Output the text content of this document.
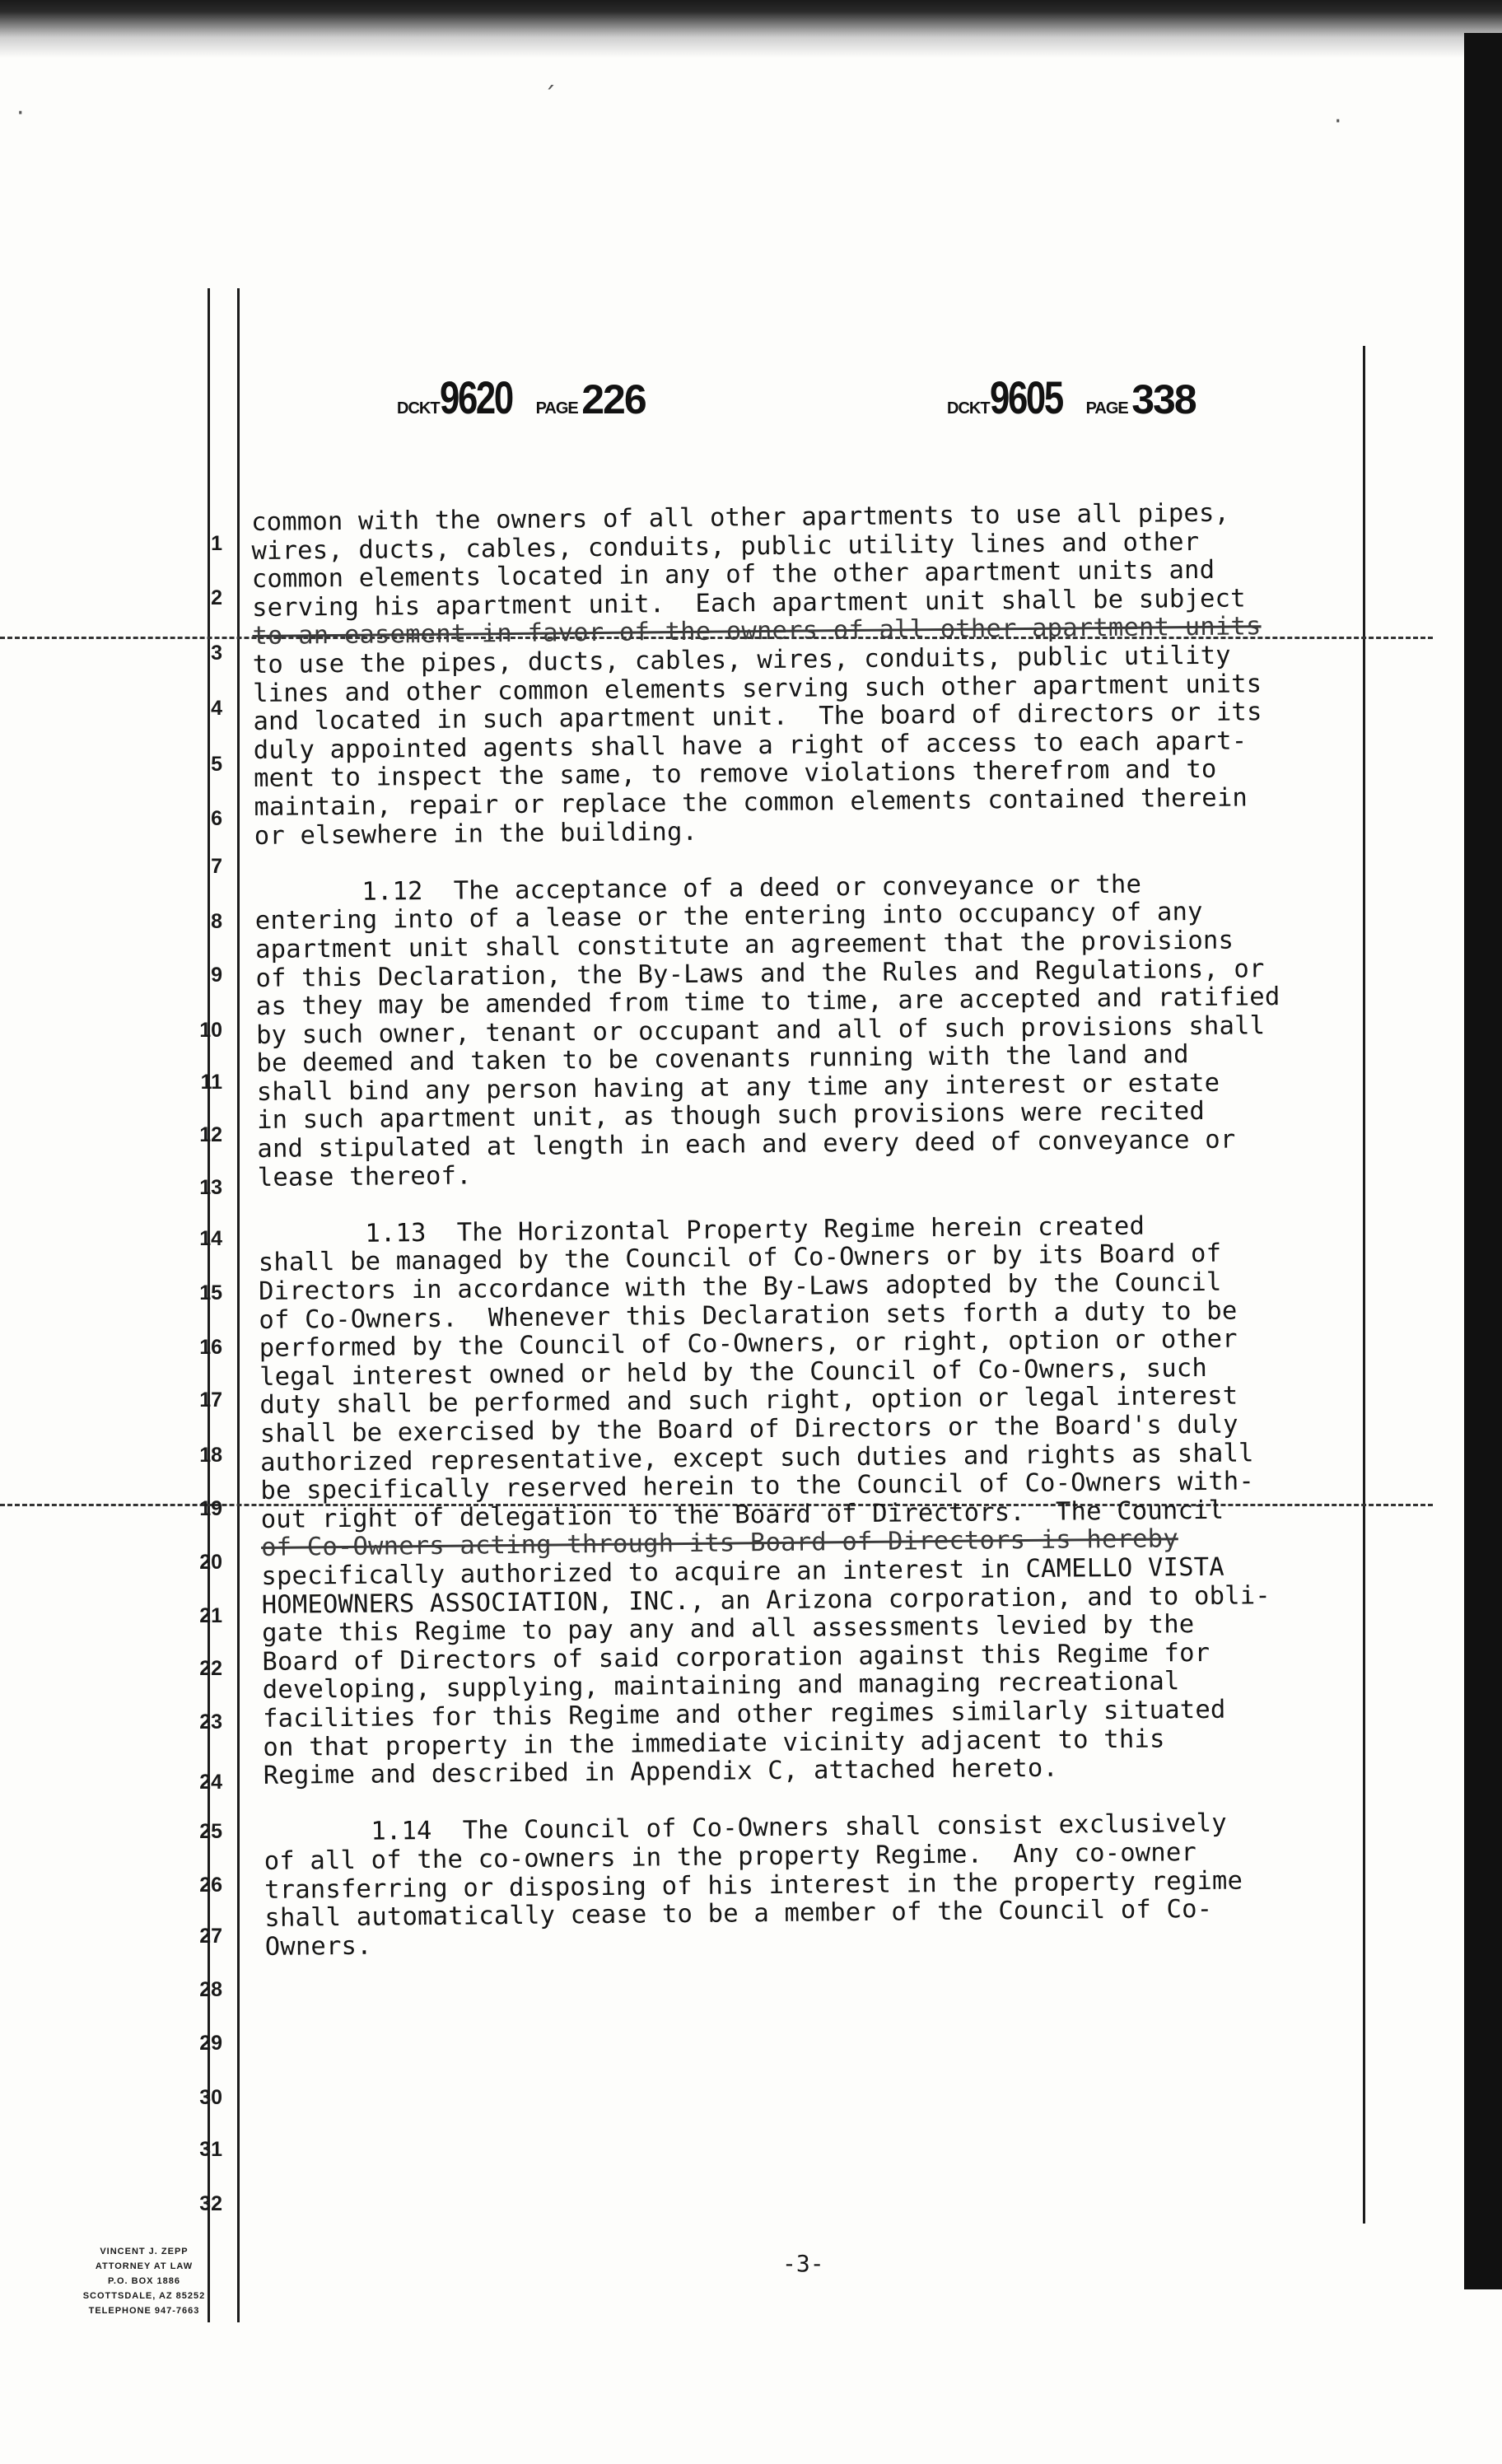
·
ˊ
·
DCKT9620 PAGE 226	DCKT9605 PAGE 338
1
2
3
4
5
6
7
8
9
10
11
12
13
14
15
16
17
18
19
20
21
22
23
24
25
26
27
28
29
30
31
32
common with the owners of all other apartments to use all pipes,
wires, ducts, cables, conduits, public utility lines and other
common elements located in any of the other apartment units and
serving his apartment unit.  Each apartment unit shall be subject
to an easement in favor of the owners of all other apartment units
to use the pipes, ducts, cables, wires, conduits, public utility
lines and other common elements serving such other apartment units
and located in such apartment unit.  The board of directors or its
duly appointed agents shall have a right of access to each apart-
ment to inspect the same, to remove violations therefrom and to
maintain, repair or replace the common elements contained therein
or elsewhere in the building.
1.12  The acceptance of a deed or conveyance or the
entering into of a lease or the entering into occupancy of any
apartment unit shall constitute an agreement that the provisions
of this Declaration, the By-Laws and the Rules and Regulations, or
as they may be amended from time to time, are accepted and ratified
by such owner, tenant or occupant and all of such provisions shall
be deemed and taken to be covenants running with the land and
shall bind any person having at any time any interest or estate
in such apartment unit, as though such provisions were recited
and stipulated at length in each and every deed of conveyance or
lease thereof.
1.13  The Horizontal Property Regime herein created
shall be managed by the Council of Co-Owners or by its Board of
Directors in accordance with the By-Laws adopted by the Council
of Co-Owners.  Whenever this Declaration sets forth a duty to be
performed by the Council of Co-Owners, or right, option or other
legal interest owned or held by the Council of Co-Owners, such
duty shall be performed and such right, option or legal interest
shall be exercised by the Board of Directors or the Board's duly
authorized representative, except such duties and rights as shall
be specifically reserved herein to the Council of Co-Owners with-
out right of delegation to the Board of Directors.  The Council
of Co-Owners acting through its Board of Directors is hereby
specifically authorized to acquire an interest in CAMELLO VISTA
HOMEOWNERS ASSOCIATION, INC., an Arizona corporation, and to obli-
gate this Regime to pay any and all assessments levied by the
Board of Directors of said corporation against this Regime for
developing, supplying, maintaining and managing recreational
facilities for this Regime and other regimes similarly situated
on that property in the immediate vicinity adjacent to this
Regime and described in Appendix C, attached hereto.
1.14  The Council of Co-Owners shall consist exclusively
of all of the co-owners in the property Regime.  Any co-owner
transferring or disposing of his interest in the property regime
shall automatically cease to be a member of the Council of Co-
Owners.
VINCENT J. ZEPP
ATTORNEY AT LAW
P.O. BOX 1886
SCOTTSDALE, AZ 85252
TELEPHONE 947-7663
-3-
